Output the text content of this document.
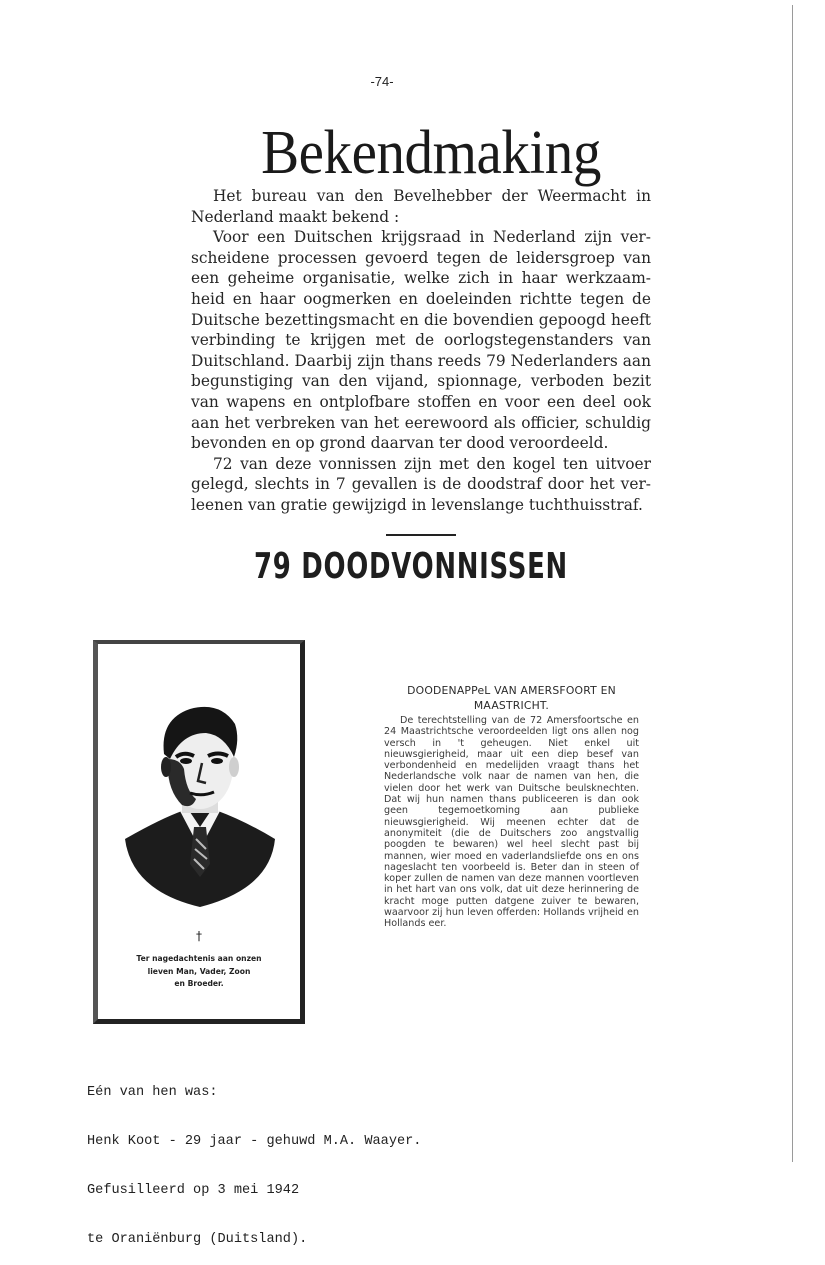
-74-
Bekendmaking

Het bureau van den Bevelhebber der Weermacht in Nederland maakt bekend :

Voor een Duitschen krijgsraad in Nederland zijn verscheidene processen gevoerd tegen de leidersgroep van een geheime organisatie, welke zich in haar werkzaamheid en haar oogmerken en doeleinden richtte tegen de Duitsche bezettingsmacht en die bovendien gepoogd heeft verbinding te krijgen met de oorlogstegenstanders van Duitschland. Daarbij zijn thans reeds 79 Nederlanders aan begunstiging van den vijand, spionnage, verboden bezit van wapens en ontplofbare stoffen en voor een deel ook aan het verbreken van het eerewoord als officier, schuldig bevonden en op grond daarvan ter dood veroordeeld.

72 van deze vonnissen zijn met den kogel ten uitvoer gelegd, slechts in 7 gevallen is de doodstraf door het verleenen van gratie gewijzigd in levenslange tuchthuisstraf.

79 DOODVONNISSEN
†
Ter nagedachtenis aan onzen
lieven Man, Vader, Zoon
en Broeder.
DOODENAPPeL VAN AMERSFOORT EN
MAASTRICHT.

De terechtstelling van de 72 Amersfoortsche en 24 Maastrichtsche veroordeelden ligt ons allen nog versch in 't geheugen. Niet enkel uit nieuwsgierigheid, maar uit een diep besef van verbondenheid en medelijden vraagt thans het Nederlandsche volk naar de namen van hen, die vielen door het werk van Duitsche beulsknechten. Dat wij hun namen thans publiceeren is dan ook geen tegemoetkoming aan publieke nieuwsgierigheid. Wij meenen echter dat de anonymiteit (die de Duitschers zoo angstvallig poogden te bewaren) wel heel slecht past bij mannen, wier moed en vaderlandsliefde ons en ons nageslacht ten voorbeeld is. Beter dan in steen of koper zullen de namen van deze mannen voortleven in het hart van ons volk, dat uit deze herinnering de kracht moge putten datgene zuiver te bewaren, waarvoor zij hun leven offerden: Hollands vrijheid en Hollands eer.

Eén van hen was:

Henk Koot - 29 jaar - gehuwd M.A. Waayer.

Gefusilleerd op 3 mei 1942

te Oraniënburg (Duitsland).
